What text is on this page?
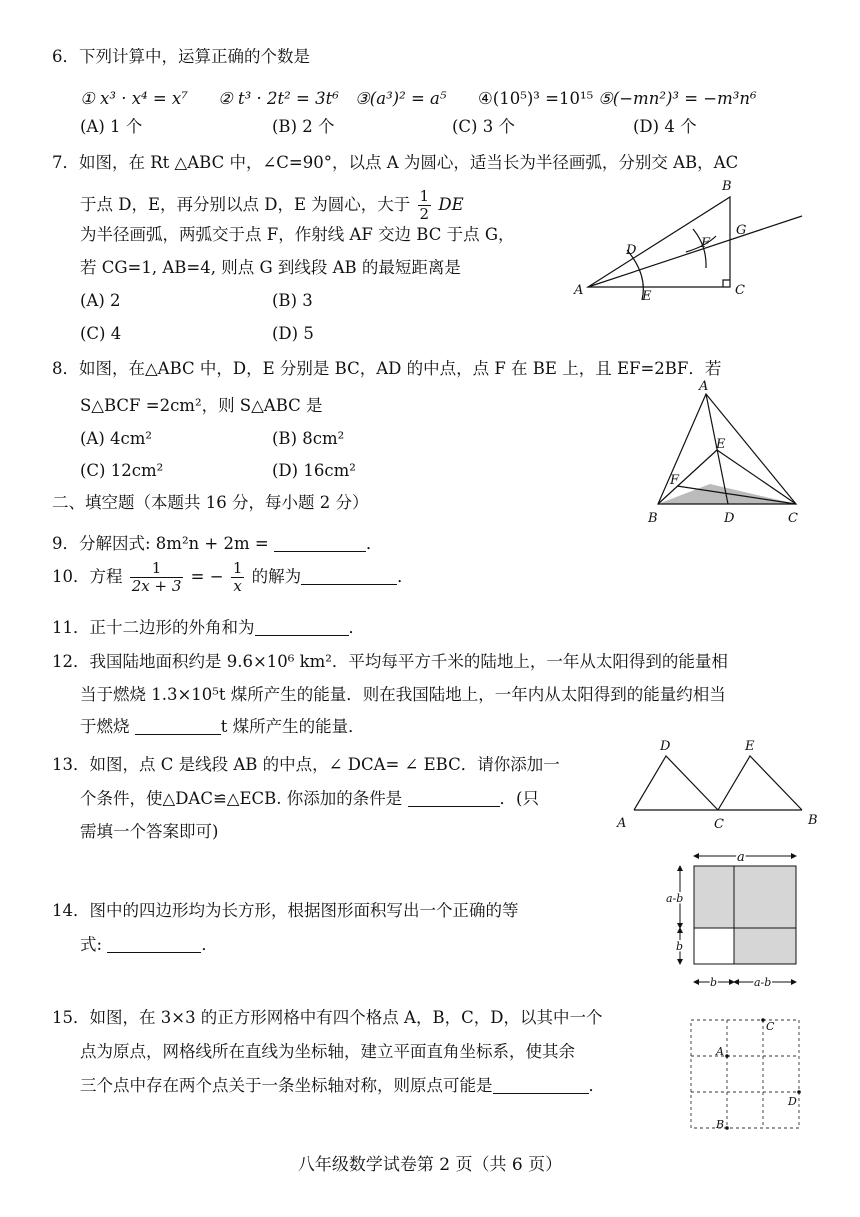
6．下列计算中，运算正确的个数是
① x³ · x⁴ = x⁷ ② t³ · 2t² = 3t⁶ ③(a³)² = a⁵ ④(10⁵)³ =10¹⁵ ⑤(−mn²)³ = −m³n⁶
(A) 1 个	(B) 2 个	(C) 3 个	(D) 4 个
7．如图，在 Rt △ABC 中，∠C=90°，以点 A 为圆心，适当长为半径画弧，分别交 AB，AC
于点 D，E，再分别以点 D，E 为圆心，大于 $\frac{1}{2}$ DE
为半径画弧，两弧交于点 F，作射线 AF 交边 BC 于点 G，
若 CG=1, AB=4, 则点 G 到线段 AB 的最短距离是
(A) 2	(B) 3
(C) 4	(D) 5
A
B
C
D
E
F
G
8．如图，在△ABC 中，D，E 分别是 BC，AD 的中点，点 F 在 BE 上，且 EF=2BF．若
S△BCF =2cm²，则 S△ABC 是
(A) 4cm²	(B) 8cm²
(C) 12cm²	(D) 16cm²
A
B	C
D
E
F
二、填空题（本题共 16 分，每小题 2 分）
9．分解因式: 8m²n + 2m =	．
10．方程 $\frac{1}{2x + 3}$ = − $\frac{1}{x}$ 的解为	．
11．正十二边形的外角和为	．
12．我国陆地面积约是 9.6×10⁶ km²．平均每平方千米的陆地上，一年从太阳得到的能量相
当于燃烧 1.3×10⁵t 煤所产生的能量．则在我国陆地上，一年内从太阳得到的能量约相当
于燃烧	t 煤所产生的能量．
13．如图，点 C 是线段 AB 的中点，∠ DCA= ∠ EBC．请你添加一
个条件，使△DAC≌△ECB. 你添加的条件是	．(只
需填一个答案即可)	A	B
C
D	E
14．图中的四边形均为长方形，根据图形面积写出一个正确的等
式:	．
a
a-b
b
b	a-b
15．如图，在 3×3 的正方形网格中有四个格点 A，B，C，D，以其中一个
点为原点，网格线所在直线为坐标轴，建立平面直角坐标系，使其余
三个点中存在两个点关于一条坐标轴对称，则原点可能是	．
A
B
C
D
八年级数学试卷第 2 页（共 6 页）
